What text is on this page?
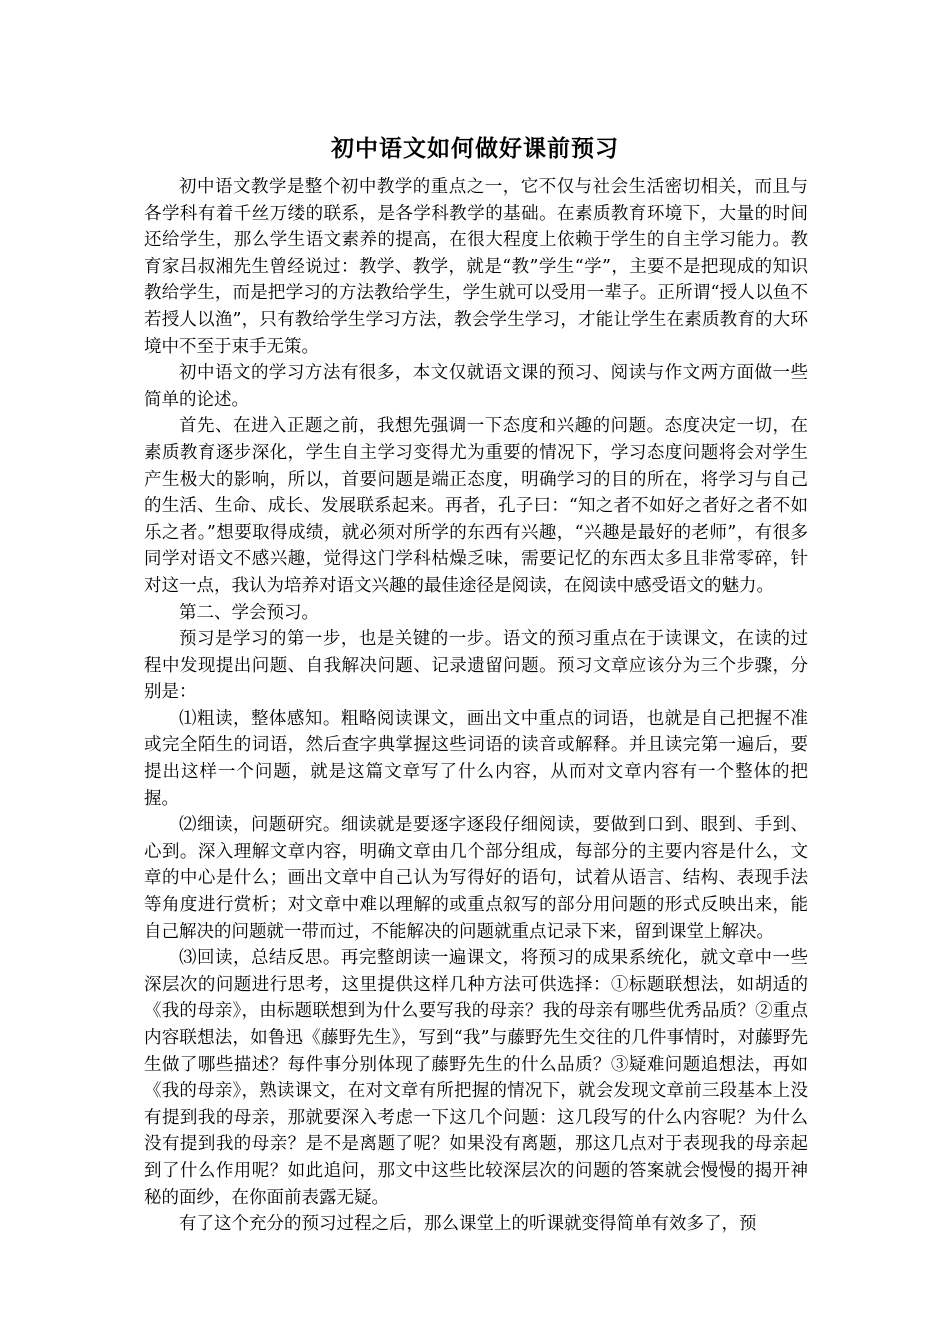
初中语文如何做好课前预习

初中语文教学是整个初中教学的重点之一，它不仅与社会生活密切相关，而且与各学科有着千丝万缕的联系，是各学科教学的基础。在素质教育环境下，大量的时间还给学生，那么学生语文素养的提高，在很大程度上依赖于学生的自主学习能力。教育家吕叔湘先生曾经说过：教学、教学，就是“教”学生“学”，主要不是把现成的知识教给学生，而是把学习的方法教给学生，学生就可以受用一辈子。正所谓“授人以鱼不若授人以渔”，只有教给学生学习方法，教会学生学习，才能让学生在素质教育的大环境中不至于束手无策。

初中语文的学习方法有很多，本文仅就语文课的预习、阅读与作文两方面做一些简单的论述。

首先、在进入正题之前，我想先强调一下态度和兴趣的问题。态度决定一切，在素质教育逐步深化，学生自主学习变得尤为重要的情况下，学习态度问题将会对学生产生极大的影响，所以，首要问题是端正态度，明确学习的目的所在，将学习与自己的生活、生命、成长、发展联系起来。再者，孔子曰：“知之者不如好之者好之者不如乐之者。”想要取得成绩，就必须对所学的东西有兴趣，“兴趣是最好的老师”，有很多同学对语文不感兴趣，觉得这门学科枯燥乏味，需要记忆的东西太多且非常零碎，针对这一点，我认为培养对语文兴趣的最佳途径是阅读，在阅读中感受语文的魅力。

第二、学会预习。

预习是学习的第一步，也是关键的一步。语文的预习重点在于读课文，在读的过程中发现提出问题、自我解决问题、记录遗留问题。预习文章应该分为三个步骤，分别是：

⑴粗读，整体感知。粗略阅读课文，画出文中重点的词语，也就是自己把握不准或完全陌生的词语，然后查字典掌握这些词语的读音或解释。并且读完第一遍后，要提出这样一个问题，就是这篇文章写了什么内容，从而对文章内容有一个整体的把握。

⑵细读，问题研究。细读就是要逐字逐段仔细阅读，要做到口到、眼到、手到、心到。深入理解文章内容，明确文章由几个部分组成，每部分的主要内容是什么，文章的中心是什么；画出文章中自己认为写得好的语句，试着从语言、结构、表现手法等角度进行赏析；对文章中难以理解的或重点叙写的部分用问题的形式反映出来，能自己解决的问题就一带而过，不能解决的问题就重点记录下来，留到课堂上解决。

⑶回读，总结反思。再完整朗读一遍课文，将预习的成果系统化，就文章中一些深层次的问题进行思考，这里提供这样几种方法可供选择：①标题联想法，如胡适的《我的母亲》，由标题联想到为什么要写我的母亲？我的母亲有哪些优秀品质？②重点内容联想法，如鲁迅《藤野先生》，写到“我”与藤野先生交往的几件事情时，对藤野先生做了哪些描述？每件事分别体现了藤野先生的什么品质？③疑难问题追想法，再如《我的母亲》，熟读课文，在对文章有所把握的情况下，就会发现文章前三段基本上没有提到我的母亲，那就要深入考虑一下这几个问题：这几段写的什么内容呢？为什么没有提到我的母亲？是不是离题了呢？如果没有离题，那这几点对于表现我的母亲起到了什么作用呢？如此追问，那文中这些比较深层次的问题的答案就会慢慢的揭开神秘的面纱，在你面前表露无疑。

有了这个充分的预习过程之后，那么课堂上的听课就变得简单有效多了，预
